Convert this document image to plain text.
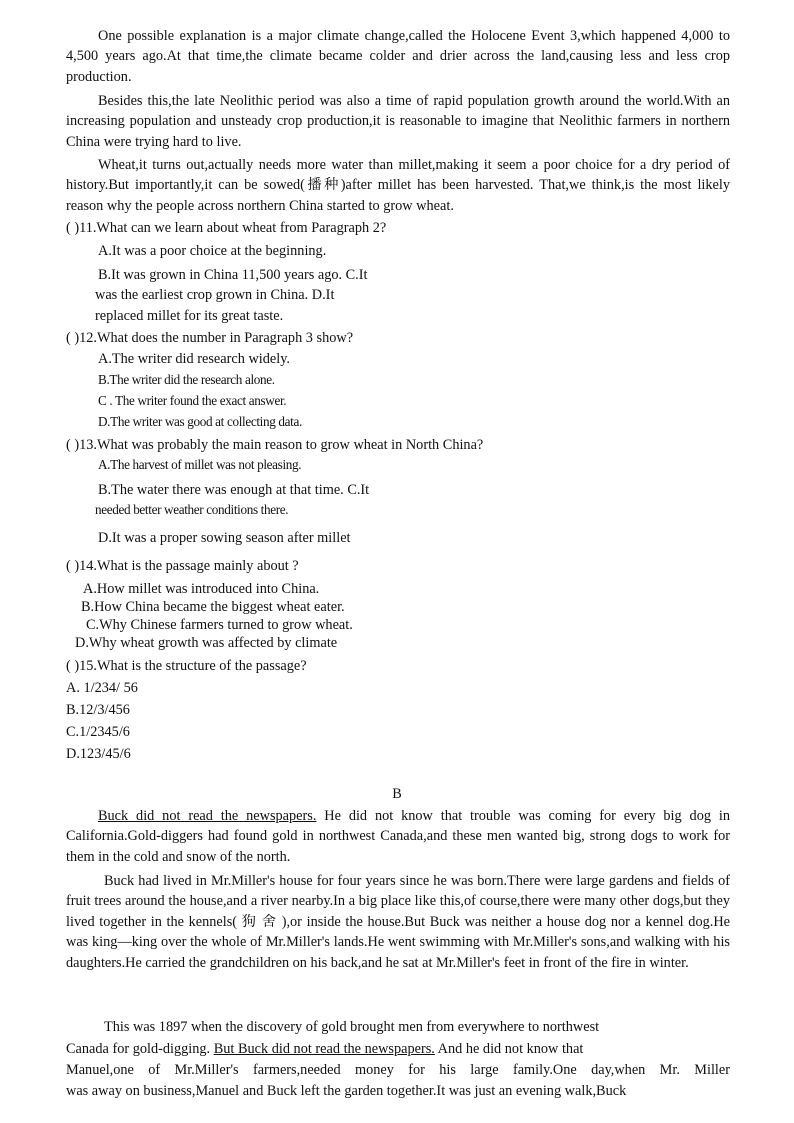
One possible explanation is a major climate change,called the Holocene Event 3,which happened 4,000 to 4,500 years ago.At that time,the climate became colder and drier across the land,causing less and less crop production.

Besides this,the late Neolithic period was also a time of rapid population growth around the world.With an increasing population and unsteady crop production,it is reasonable to imagine that Neolithic farmers in northern China were trying hard to live.

Wheat,it turns out,actually needs more water than millet,making it seem a poor choice for a dry period of history.But importantly,it can be sowed(播种)after millet has been harvested. That,we think,is the most likely reason why the people across northern China started to grow wheat.

( )11.What can we learn about wheat from Paragraph 2?
A.It was a poor choice at the beginning.
B.It was grown in China 11,500 years ago. C.It
was the earliest crop grown in China. D.It
replaced millet for its great taste.
( )12.What does the number in Paragraph 3 show?
A.The writer did research widely.
B.The writer did the research alone.
C . The writer found the exact answer.
D.The writer was good at collecting data.
( )13.What was probably the main reason to grow wheat in North China?
A.The harvest of millet was not pleasing.
B.The water there was enough at that time. C.It
needed better weather conditions there.
D.It was a proper sowing season after millet
( )14.What is the passage mainly about ?
A.How millet was introduced into China.
B.How China became the biggest wheat eater.
C.Why Chinese farmers turned to grow wheat.
D.Why wheat growth was affected by climate
( )15.What is the structure of the passage?
A. 1/234/ 56
B.12/3/456
C.1/2345/6
D.123/45/6
B

Buck did not read the newspapers. He did not know that trouble was coming for every big dog in California.Gold-diggers had found gold in northwest Canada,and these men wanted big, strong dogs to work for them in the cold and snow of the north.

Buck had lived in Mr.Miller's house for four years since he was born.There were large gardens and fields of fruit trees around the house,and a river nearby.In a big place like this,of course,there were many other dogs,but they lived together in the kennels( 狗 舍 ),or inside the house.But Buck was neither a house dog nor a kennel dog.He was king—king over the whole of Mr.Miller's lands.He went swimming with Mr.Miller's sons,and walking with his daughters.He carried the grandchildren on his back,and he sat at Mr.Miller's feet in front of the fire in winter.

This was 1897 when the discovery of gold brought men from everywhere to northwest
Canada for gold-digging. But Buck did not read the newspapers. And he did not know that
Manuel,one of Mr.Miller's farmers,needed money for his large family.One day,when Mr. Miller
was away on business,Manuel and Buck left the garden together.It was just an evening walk,Buck
